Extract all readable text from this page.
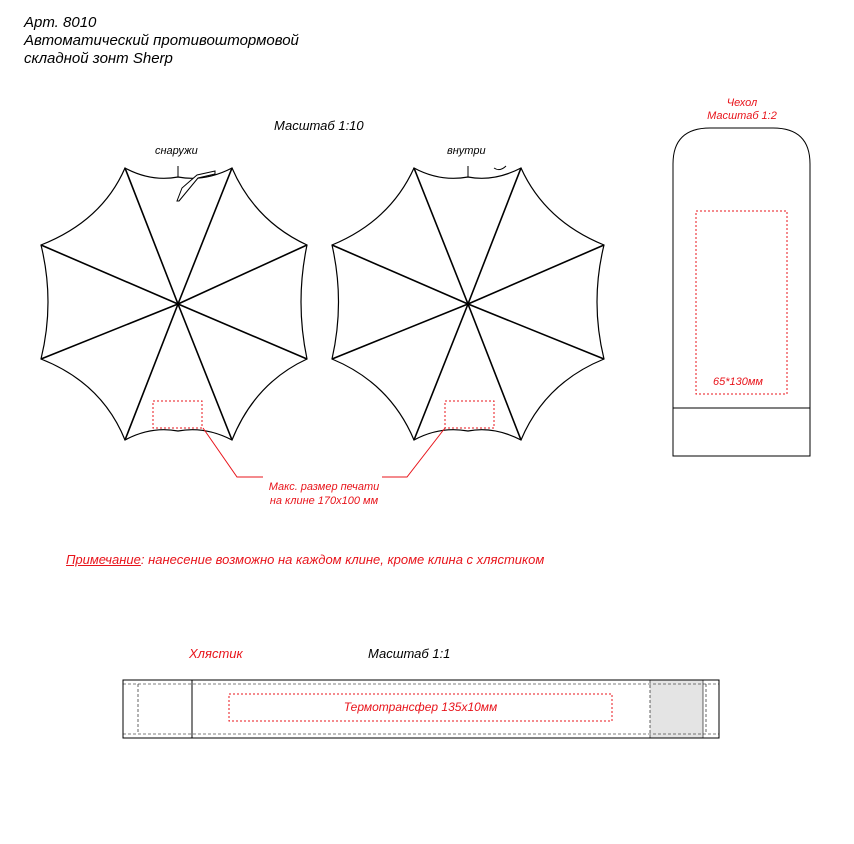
Арт. 8010
Автоматический противоштормовой
складной зонт Sherp
Масштаб 1:10
снаружи	внутри
Макс. размер печати
на клине 170x100 мм
Чехол
Масштаб 1:2
65*130мм
Примечание: нанесение возможно на каждом клине, кроме клина с хлястиком
Хлястик	Масштаб 1:1
Термотрансфер 135x10мм
